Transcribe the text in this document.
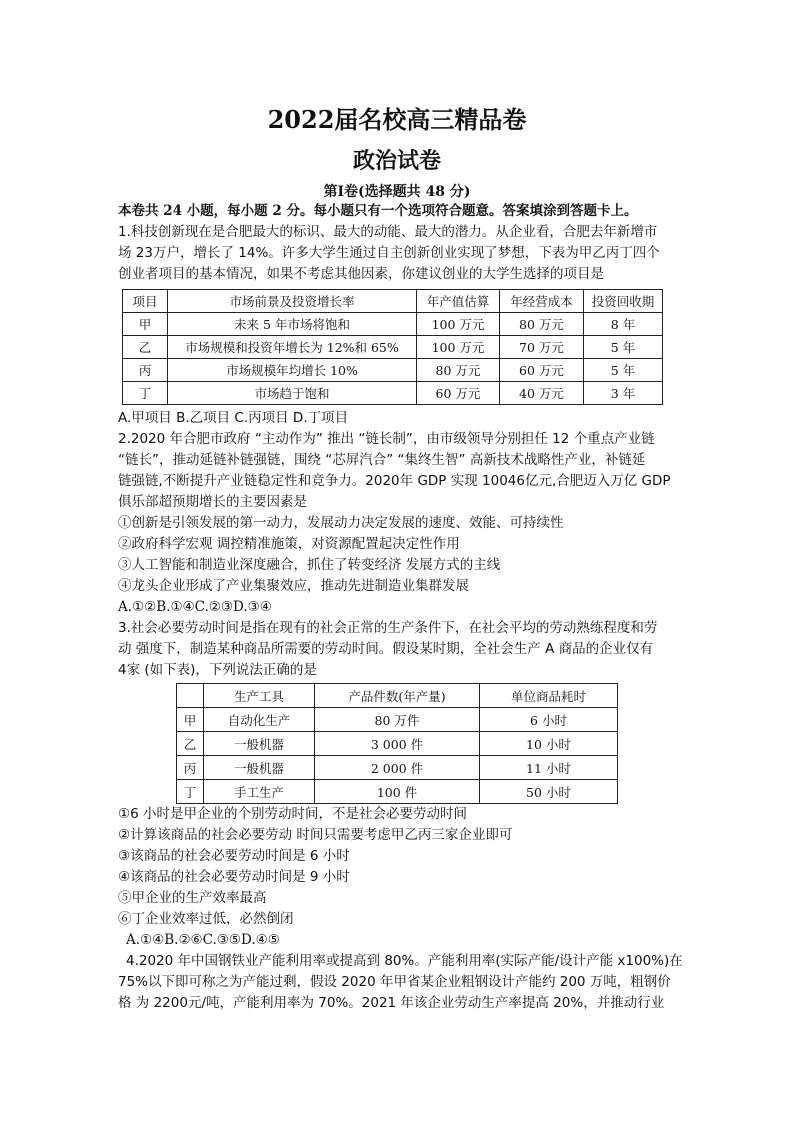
2022届名校高三精品卷
政治试卷
第Ⅰ卷(选择题共 48 分)
本卷共 24 小题，每小题 2 分。每小题只有一个选项符合题意。答案填涂到答题卡上。
1.科技创新现在是合肥最大的标识、最大的动能、最大的潜力。从企业看，合肥去年新增市
场 23万户，增长了 14%。许多大学生通过自主创新创业实现了梦想，下表为甲乙丙丁四个
创业者项目的基本情况，如果不考虑其他因素，你建议创业的大学生选择的项目是
项目	市场前景及投资增长率	年产值估算	年经营成本	投资回收期
甲	未来 5 年市场将饱和	100 万元	80 万元	8 年
乙	市场规模和投资年增长为 12%和 65%	100 万元	70 万元	5 年
丙	市场规模年均增长 10%	80 万元	60 万元	5 年
丁	市场趋于饱和	60 万元	40 万元	3 年
A.甲项目 B.乙项目 C.丙项目 D.丁项目
2.2020 年合肥市政府 “主动作为” 推出 “链长制”，由市级领导分别担任 12 个重点产业链
“链长”，推动延链补链强链，围绕 “芯屏汽合” “集终生智” 高新技术战略性产业，补链延
链强链,不断提升产业链稳定性和竞争力。2020年 GDP 实现 10046亿元,合肥迈入万亿 GDP
俱乐部超预期增长的主要因素是
①创新是引领发展的第一动力，发展动力决定发展的速度、效能、可持续性
②政府科学宏观 调控精准施策，对资源配置起决定性作用
③人工智能和制造业深度融合，抓住了转变经济 发展方式的主线
④龙头企业形成了产业集聚效应，推动先进制造业集群发展
A.①②B.①④C.②③D.③④
3.社会必要劳动时间是指在现有的社会正常的生产条件下，在社会平均的劳动熟练程度和劳
动 强度下，制造某种商品所需要的劳动时间。假设某时期，全社会生产 A 商品的企业仅有
4家 (如下表)，下列说法正确的是
	生产工具	产品件数(年产量)	单位商品耗时
甲	自动化生产	80 万件	6 小时
乙	一般机器	3 000 件	10 小时
丙	一般机器	2 000 件	11 小时
丁	手工生产	100 件	50 小时
①6 小时是甲企业的个别劳动时间，不是社会必要劳动时间
②计算该商品的社会必要劳动 时间只需要考虑甲乙丙三家企业即可
③该商品的社会必要劳动时间是 6 小时
④该商品的社会必要劳动时间是 9 小时
⑤甲企业的生产效率最高
⑥丁企业效率过低，必然倒闭
A.①④B.②⑥C.③⑤D.④⑤
4.2020 年中国钢铁业产能利用率或提高到 80%。产能利用率(实际产能/设计产能 x100%)在
75%以下即可称之为产能过剩，假设 2020 年甲省某企业粗钢设计产能约 200 万吨，粗钢价
格 为 2200元/吨，产能利用率为 70%。2021 年该企业劳动生产率提高 20%，并推动行业
